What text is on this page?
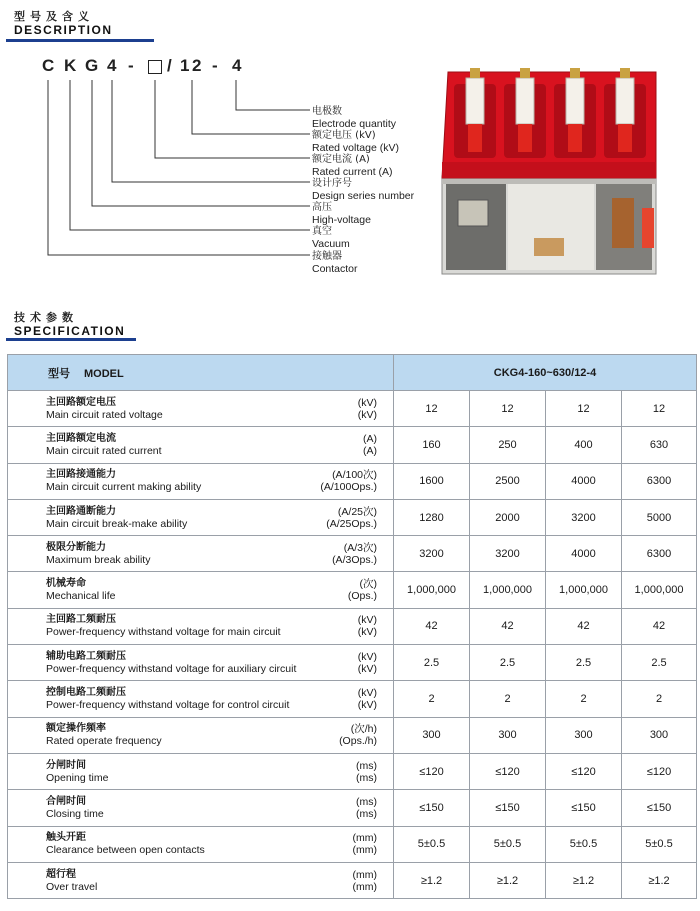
型号及含义
DESCRIPTION
C K G 4 - / 1 2 - 4
电极数
Electrode quantity
额定电压 (kV)
Rated voltage (kV)
额定电流 (A)
Rated current (A)
设计序号
Design series number
高压
High-voltage
真空
Vacuum
接触器
Contactor
技术参数
SPECIFICATION
型号 MODEL	CKG4-160~630/12-4			

主回路额定电压
Main circuit rated voltage
(kV)
(kV)	12	12	12	12

主回路额定电流
Main circuit rated current
(A)
(A)	160	250	400	630

主回路接通能力
Main circuit current making ability
(A/100次)
(A/100Ops.)	1600	2500	4000	6300

主回路通断能力
Main circuit break-make ability
(A/25次)
(A/25Ops.)	1280	2000	3200	5000

极限分断能力
Maximum break ability
(A/3次)
(A/3Ops.)	3200	3200	4000	6300

机械寿命
Mechanical life
(次)
(Ops.)	1,000,000	1,000,000	1,000,000	1,000,000

主回路工频耐压
Power-frequency withstand voltage for main circuit
(kV)
(kV)	42	42	42	42

辅助电路工频耐压
Power-frequency withstand voltage for auxiliary circuit
(kV)
(kV)	2.5	2.5	2.5	2.5

控制电路工频耐压
Power-frequency withstand voltage for control circuit
(kV)
(kV)	2	2	2	2

额定操作频率
Rated operate frequency
(次/h)
(Ops./h)	300	300	300	300

分闸时间
Opening time
(ms)
(ms)	≤120	≤120	≤120	≤120

合闸时间
Closing time
(ms)
(ms)	≤150	≤150	≤150	≤150

触头开距
Clearance between open contacts
(mm)
(mm)	5±0.5	5±0.5	5±0.5	5±0.5

超行程
Over travel
(mm)
(mm)	≥1.2	≥1.2	≥1.2	≥1.2
